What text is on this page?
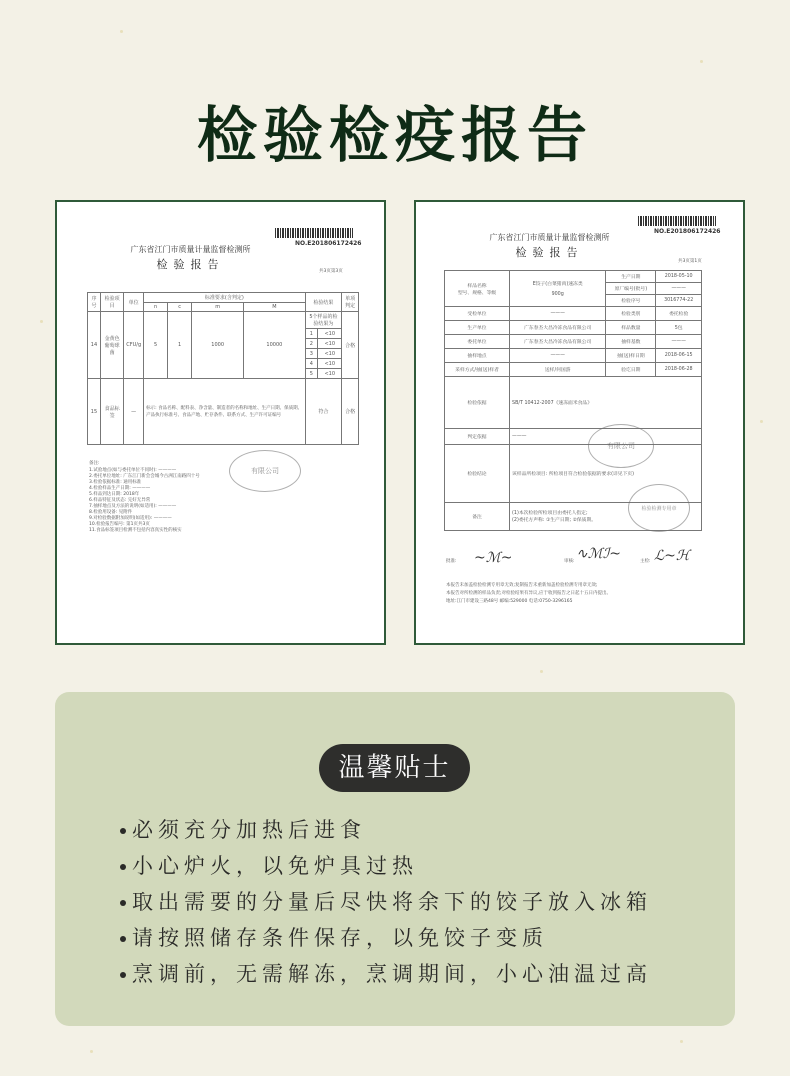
检验检疫报告
NO.E2018061724​26
广东省江门市质量计量监督检测所
检验报告
共3页第3页
序号	检验项目	单位	标准要求(含判定)				检验结果		单项判定
			n	c	m	M			
14	金黄色葡萄球菌	CFU/g	5	1	1000	10000	5个样品的检验结果为		合格
							1	<10	
							2	<10	
							3	<10	
							4	<10	
							5	<10	
15	食品标签	—	标示: 食品名称、配料表、净含量、制造者的名称和地址、生产日期、保质期、产品执行标准号、食品产地、贮存条件、联系方式、生产许可证编号				符合		合格
备注:
1.试验地点(如与委托单位不同时): ————
2.委托单位地址: 广东江门新会会城今古洲江南路四十号
3.检验依据标准: 通用标准
4.检验样品生产日期: ————
5.样品到达日期: 2018年
6.样品特征及状态: 完好无异常
7.抽样地点及方法的说明(如适用): ————
8.检验用设备: 见附件
9.对检验数据附加说明(如适用): ————
10.检验报告编号: 第1页共3页
11.食品标签项目检测不包括内容真实性的核实
有限公司
NO.E2018061724​26
广东省江门市质量计量监督检测所
检验报告
共3页第1页
样品名称
型号、规格、等级	E饺子(白菜猪肉)速冻类

900g	生产日期	2018-05-10
		原厂编号(批号)	———
		检验序号	3016774-22
受检单位	———	检验类别	委托检验
生产单位	广东春杰大昌冷冻食品有限公司	样品数量	5包
委托单位	广东春杰大昌冷冻食品有限公司	抽样基数	———
抽样地点	———	抽(送)样日期	2018-06-15
采样方式/抽(送)样者	送样/何国游	验讫日期	2018-06-28
检验依据	SB/T 10412-2007《速冻面米食品》		
判定依据	———		
检验结论	该样品所检项目: 所检项目符合检验依据的要求(详见下页)		
备注	(1)本次检验所检项目由委托人指定;
(2)委托方声称: ①生产日期; ②保质期。		
有限公司
检验检测专用章
批准:	审核:	主检:
~ℳ~	∿ℳℐ~ ℒ~ℋ
本报告未加盖检验检测专用章无效;复制报告未重新加盖检验检测专用章无效;
本报告对所检测的样品负责;对检验结果有异议,应于收到报告之日起十五日内提出。
地址:江门市建设三路48号 邮编:529000 电话:0750-3296165
温馨贴士
必须充分加热后进食
小心炉火，以免炉具过热
取出需要的分量后尽快将余下的饺子放入冰箱
请按照储存条件保存，以免饺子变质
烹调前，无需解冻，烹调期间，小心油温过高
